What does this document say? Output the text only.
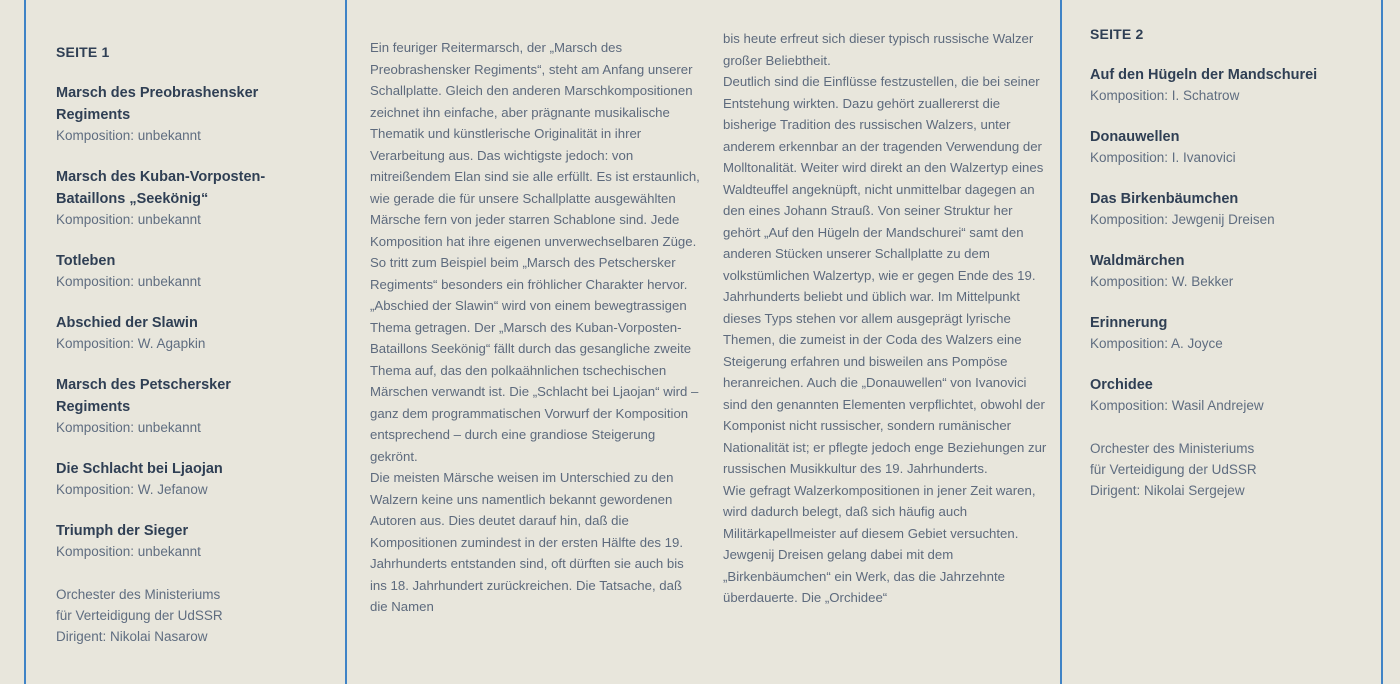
SEITE 1
Marsch des Preobrashensker Regiments
Komposition: unbekannt
Marsch des Kuban-Vorposten-Bataillons „Seekönig“
Komposition: unbekannt
Totleben
Komposition: unbekannt
Abschied der Slawin
Komposition: W. Agapkin
Marsch des Petschersker Regiments
Komposition: unbekannt
Die Schlacht bei Ljaojan
Komposition: W. Jefanow
Triumph der Sieger
Komposition: unbekannt
Orchester des Ministeriums
für Verteidigung der UdSSR
Dirigent: Nikolai Nasarow

Ein feuriger Reitermarsch, der „Marsch des Preobrashensker Regiments“, steht am Anfang unserer Schallplatte. Gleich den anderen Marschkompositionen zeichnet ihn einfache, aber prägnante musikalische Thematik und künstlerische Originalität in ihrer Verarbeitung aus. Das wichtigste jedoch: von mitreißendem Elan sind sie alle erfüllt. Es ist erstaunlich, wie gerade die für unsere Schallplatte ausgewählten Märsche fern von jeder starren Schablone sind. Jede Komposition hat ihre eigenen unverwechselbaren Züge. So tritt zum Beispiel beim „Marsch des Petschersker Regiments“ besonders ein fröhlicher Charakter hervor. „Abschied der Slawin“ wird von einem bewegtrassigen Thema getragen. Der „Marsch des Kuban-Vorposten-Bataillons Seekönig“ fällt durch das gesangliche zweite Thema auf, das den polkaähnlichen tschechischen Märschen verwandt ist. Die „Schlacht bei Ljaojan“ wird – ganz dem programmatischen Vorwurf der Komposition entsprechend – durch eine grandiose Steigerung gekrönt.

Die meisten Märsche weisen im Unterschied zu den Walzern keine uns namentlich bekannt gewordenen Autoren aus. Dies deutet darauf hin, daß die Kompositionen zumindest in der ersten Hälfte des 19. Jahrhunderts entstanden sind, oft dürften sie auch bis ins 18. Jahrhundert zurückreichen. Die Tatsache, daß die Namen

bis heute erfreut sich dieser typisch russische Walzer großer Beliebtheit.

Deutlich sind die Einflüsse festzustellen, die bei seiner Entstehung wirkten. Dazu gehört zuallererst die bisherige Tradition des russischen Walzers, unter anderem erkennbar an der tragenden Verwendung der Molltonalität. Weiter wird direkt an den Walzertyp eines Waldteuffel angeknüpft, nicht unmittelbar dagegen an den eines Johann Strauß. Von seiner Struktur her gehört „Auf den Hügeln der Mandschurei“ samt den anderen Stücken unserer Schallplatte zu dem volkstümlichen Walzertyp, wie er gegen Ende des 19. Jahrhunderts beliebt und üblich war. Im Mittelpunkt dieses Typs stehen vor allem ausgeprägt lyrische Themen, die zumeist in der Coda des Walzers eine Steigerung erfahren und bisweilen ans Pompöse heranreichen. Auch die „Donauwellen“ von Ivanovici sind den genannten Elementen verpflichtet, obwohl der Komponist nicht russischer, sondern rumänischer Nationalität ist; er pflegte jedoch enge Beziehungen zur russischen Musikkultur des 19. Jahrhunderts.

Wie gefragt Walzerkompositionen in jener Zeit waren, wird dadurch belegt, daß sich häufig auch Militärkapellmeister auf diesem Gebiet versuchten. Jewgenij Dreisen gelang dabei mit dem „Birkenbäumchen“ ein Werk, das die Jahrzehnte überdauerte. Die „Orchidee“

SEITE 2
Auf den Hügeln der Mandschurei
Komposition: I. Schatrow
Donauwellen
Komposition: I. Ivanovici
Das Birkenbäumchen
Komposition: Jewgenij Dreisen
Waldmärchen
Komposition: W. Bekker
Erinnerung
Komposition: A. Joyce
Orchidee
Komposition: Wasil Andrejew
Orchester des Ministeriums
für Verteidigung der UdSSR
Dirigent: Nikolai Sergejew
